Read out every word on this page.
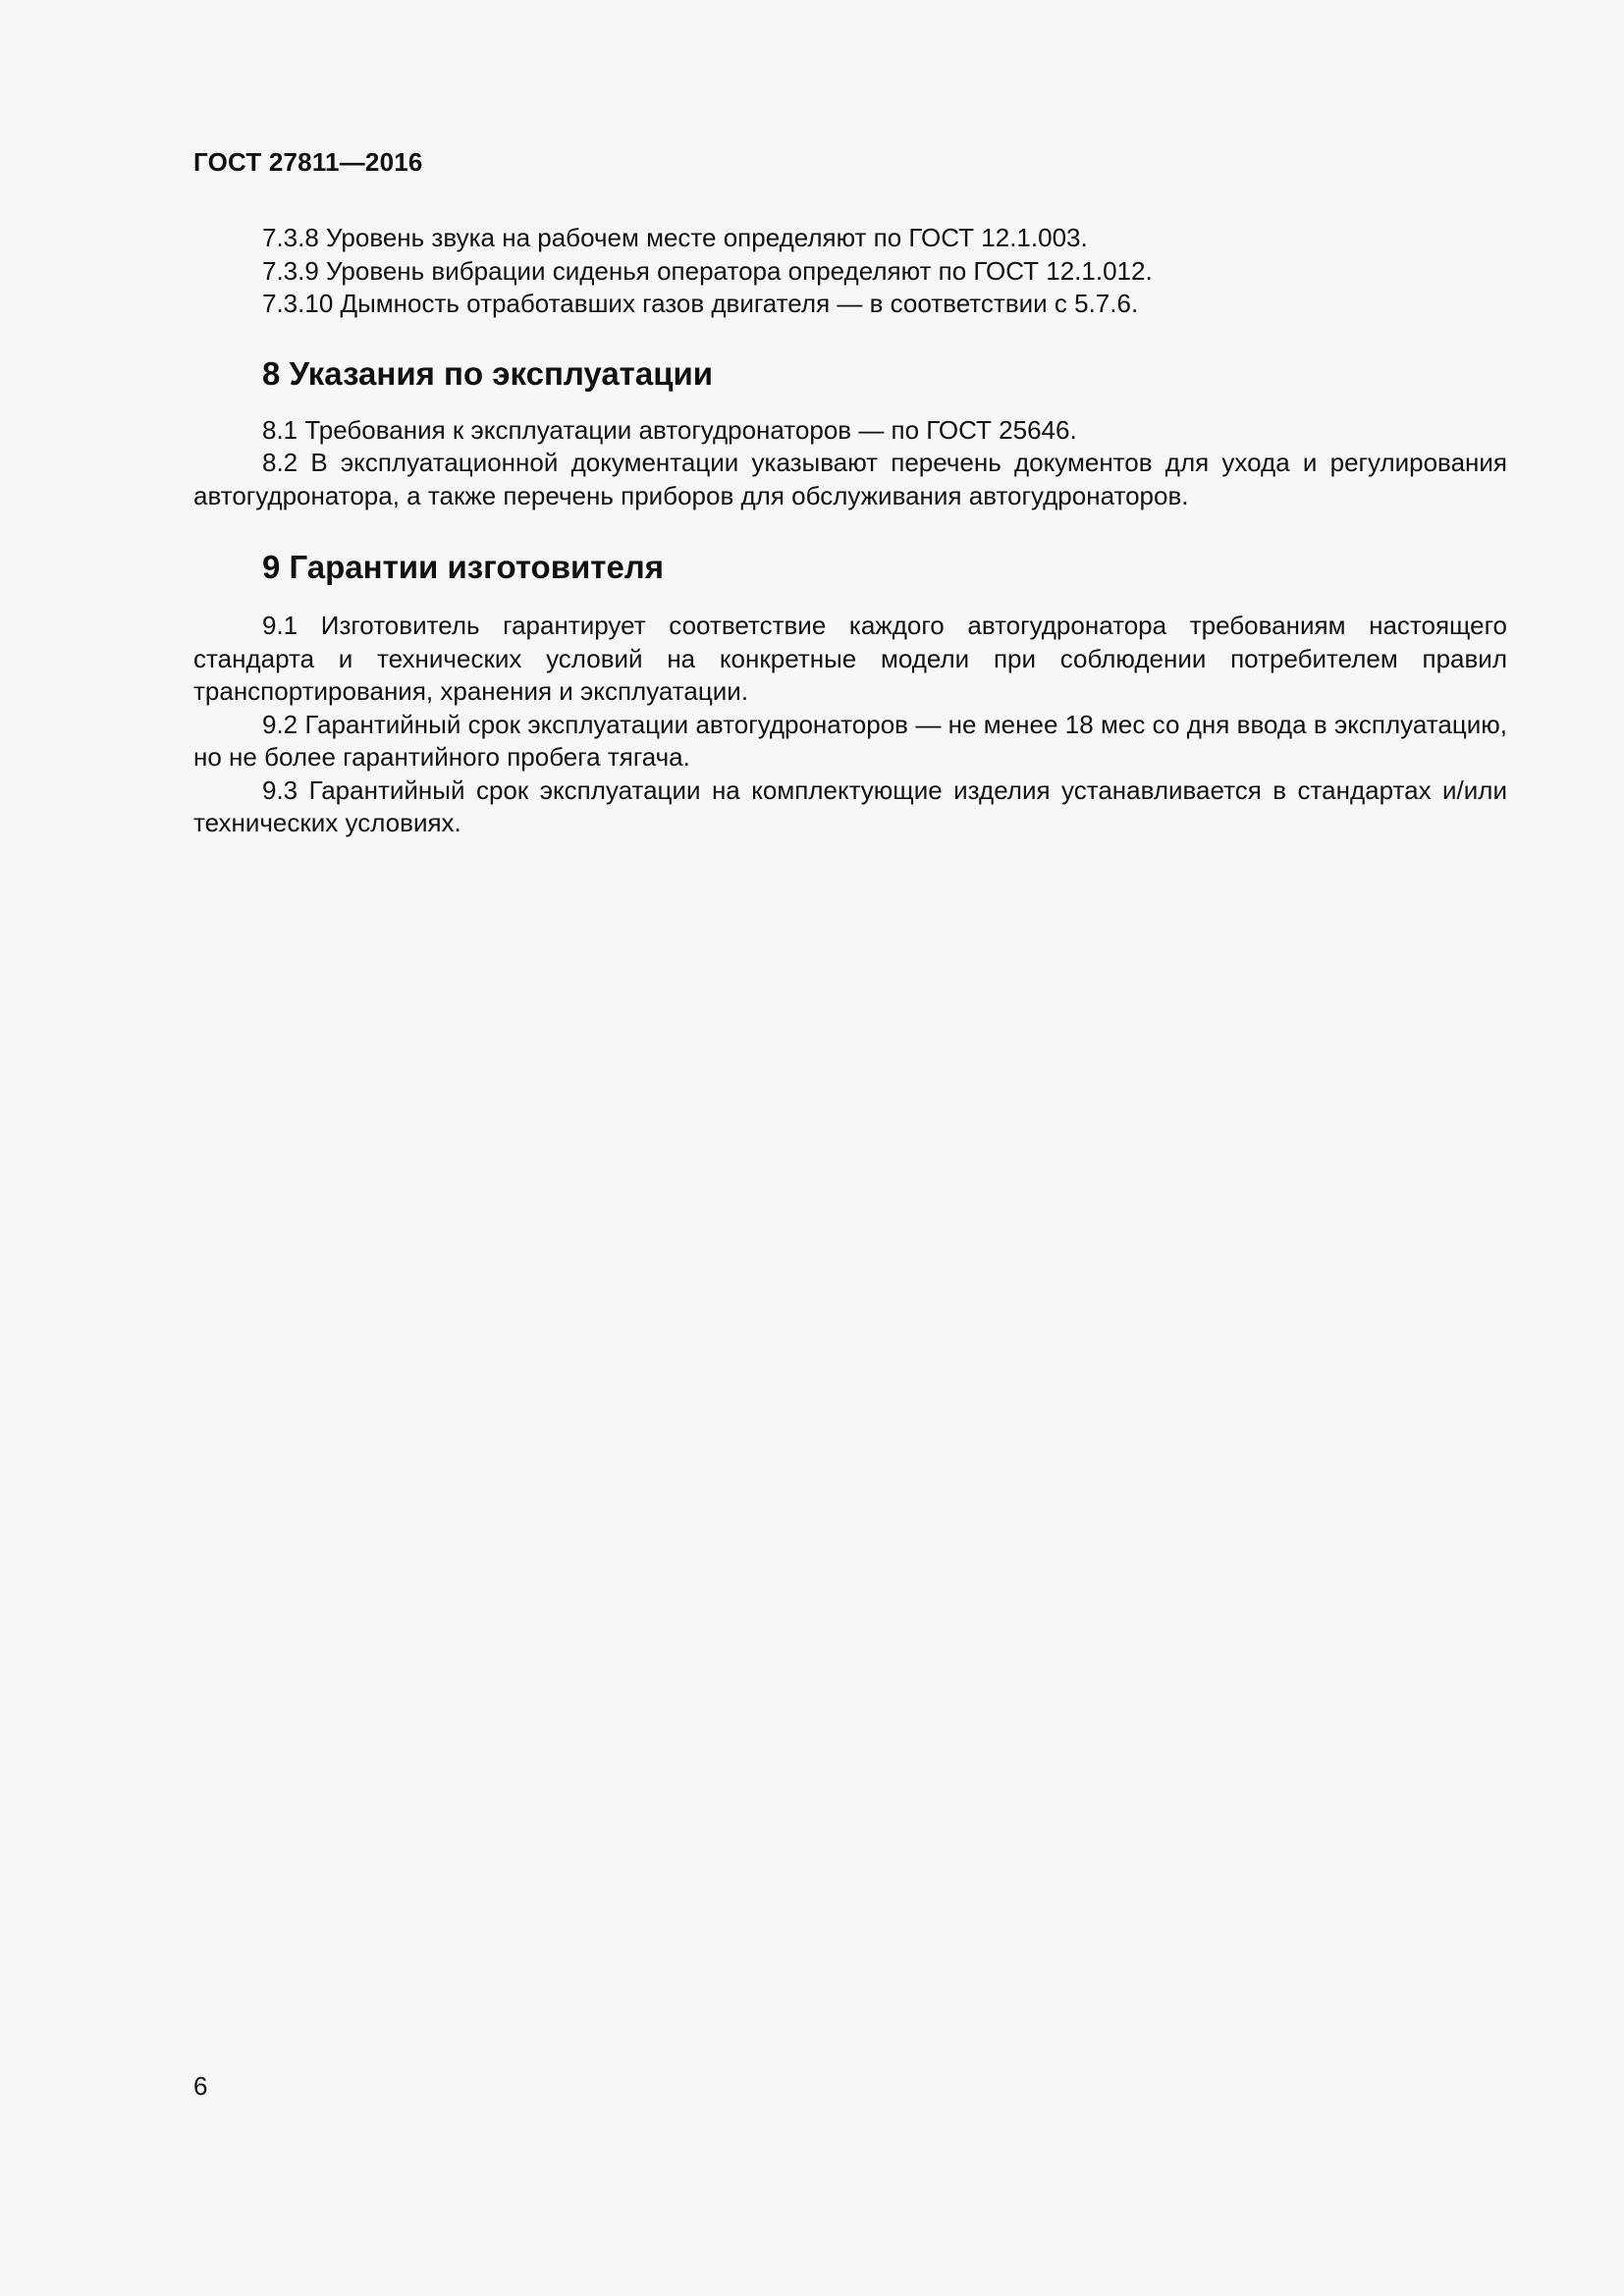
ГОСТ 27811—2016

7.3.8 Уровень звука на рабочем месте определяют по ГОСТ 12.1.003.

7.3.9 Уровень вибрации сиденья оператора определяют по ГОСТ 12.1.012.

7.3.10 Дымность отработавших газов двигателя — в соответствии с 5.7.6.

8 Указания по эксплуатации

8.1 Требования к эксплуатации автогудронаторов — по ГОСТ 25646.

8.2 В эксплуатационной документации указывают перечень документов для ухода и регулирования автогудронатора, а также перечень приборов для обслуживания автогудронаторов.

9 Гарантии изготовителя

9.1 Изготовитель гарантирует соответствие каждого автогудронатора требованиям настоящего стандарта и технических условий на конкретные модели при соблюдении потребителем правил транспортирования, хранения и эксплуатации.

9.2 Гарантийный срок эксплуатации автогудронаторов — не менее 18 мес со дня ввода в эксплуатацию, но не более гарантийного пробега тягача.

9.3 Гарантийный срок эксплуатации на комплектующие изделия устанавливается в стандартах и/или технических условиях.

6
